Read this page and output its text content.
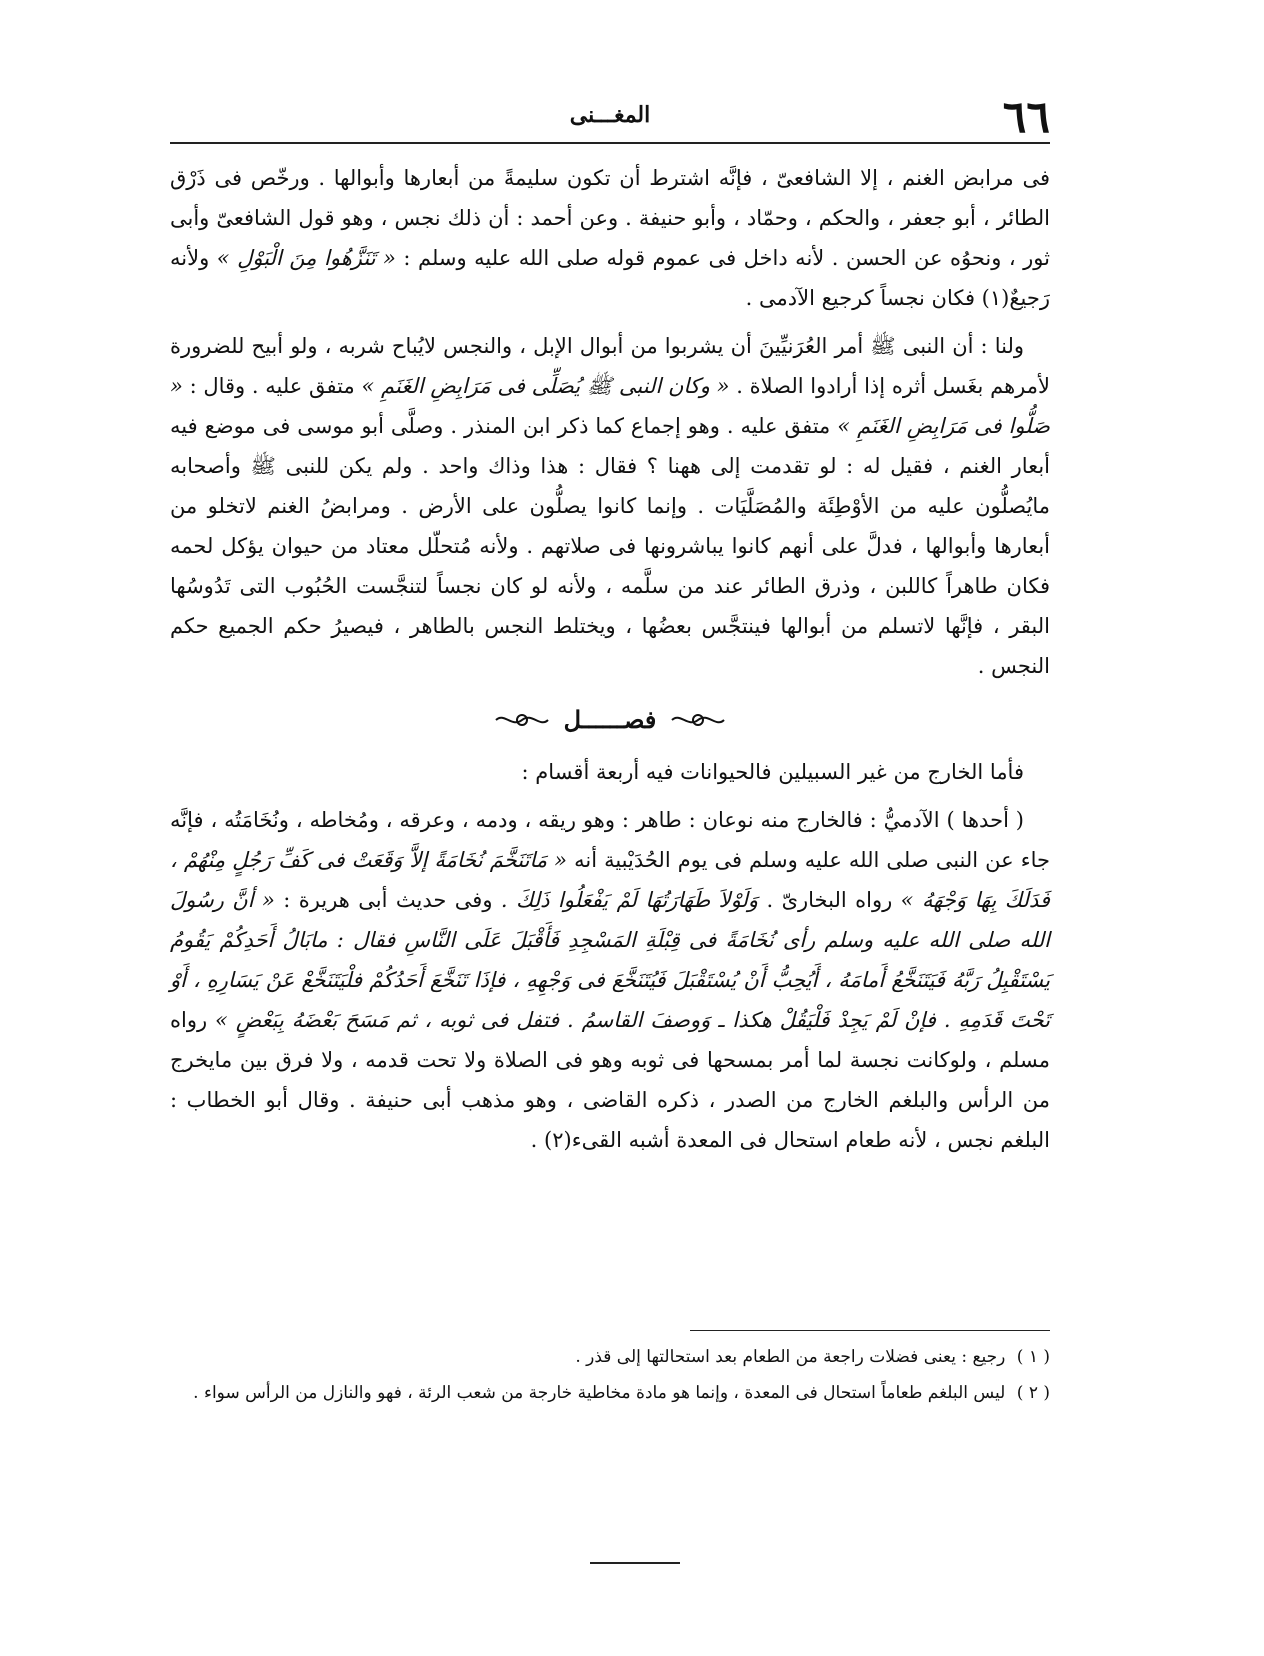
٦٦
المغـــنى

فى مرابض الغنم ، إلا الشافعىّ ، فإنَّه اشترط أن تكون سليمةً من أبعارها وأبوالها . ورخّص فى ذَرْق الطائر ، أبو جعفر ، والحكم ، وحمّاد ، وأبو حنيفة . وعن أحمد : أن ذلك نجس ، وهو قول الشافعىّ وأبى ثور ، ونحوُه عن الحسن . لأنه داخل فى عموم قوله صلى الله عليه وسلم : « تَنَزَّهُوا مِنَ الْبَوْلِ » ولأنه رَجيعٌ(١) فكان نجساً كرجيع الآدمى .

ولنا : أن النبى ﷺ أمر العُرَنيِّينَ أن يشربوا من أبوال الإبل ، والنجس لايُباح شربه ، ولو أبيح للضرورة لأمرهم بغَسل أثره إذا أرادوا الصلاة . « وكان النبى ﷺ يُصَلِّى فى مَرَابِضِ الغَنَمِ » متفق عليه . وقال : « صَلُّوا فى مَرَابِضِ الغَنَمِ » متفق عليه . وهو إجماع كما ذكر ابن المنذر . وصلَّى أبو موسى فى موضع فيه أبعار الغنم ، فقيل له : لو تقدمت إلى ههنا ؟ فقال : هذا وذاك واحد . ولم يكن للنبى ﷺ وأصحابه مايُصلُّون عليه من الأوْطِئَة والمُصَلَّيَات . وإنما كانوا يصلُّون على الأرض . ومرابضُ الغنم لاتخلو من أبعارها وأبوالها ، فدلَّ على أنهم كانوا يباشرونها فى صلاتهم . ولأنه مُتحلّل معتاد من حيوان يؤكل لحمه فكان طاهراً كاللبن ، وذرق الطائر عند من سلَّمه ، ولأنه لو كان نجساً لتنجَّست الحُبُوب التى تَدُوسُها البقر ، فإنَّها لاتسلم من أبوالها فينتجَّس بعضُها ، ويختلط النجس بالطاهر ، فيصيرُ حكم الجميع حكم النجس .

فصــــــل

فأما الخارج من غير السبيلين فالحيوانات فيه أربعة أقسام :

( أحدها ) الآدميُّ : فالخارج منه نوعان : طاهر : وهو ريقه ، ودمه ، وعرقه ، ومُخاطه ، ونُخَامَتُه ، فإنَّه جاء عن النبى صلى الله عليه وسلم فى يوم الحُدَيْبية أنه « مَاتَنَخَّمَ نُخَامَةً إلاَّ وَقَعَتْ فى كَفِّ رَجُلٍ مِنْهُمْ ، فَدَلَكَ بِهَا وَجْهَهُ » رواه البخارىّ . وَلَوْلاَ طَهَارَتُهَا لَمْ يَفْعَلُوا ذَلِكَ . وفى حديث أبى هريرة : « أنَّ رسُولَ الله صلى الله عليه وسلم رأى نُخَامَةً فى قِبْلَةِ المَسْجِدِ فَأَقْبَلَ عَلَى النَّاسِ فقال : مابَالُ أَحَدِكُمْ يَقُومُ يَسْتَقْبِلُ رَبَّهُ فَيَتَنَخَّعُ أَمامَهُ ، أَيُحِبُّ أَنْ يُسْتَقْبَلَ فَيُتَنَخَّعَ فى وَجْهِهِ ، فإذَا تَنَخَّعَ أَحَدُكُمْ فلْيَتَنَخَّعْ عَنْ يَسَارِهِ ، أَوْ تَحْتَ قَدَمِهِ . فإنْ لَمْ يَجِدْ فَلْيَقُلْ هكذا ـ وَوصفَ القاسمُ . فتفل فى ثوبه ، ثم مَسَحَ بَعْضَهُ بِبَعْضٍ » رواه مسلم ، ولوكانت نجسة لما أمر بمسحها فى ثوبه وهو فى الصلاة ولا تحت قدمه ، ولا فرق بين مايخرج من الرأس والبلغم الخارج من الصدر ، ذكره القاضى ، وهو مذهب أبى حنيفة . وقال أبو الخطاب : البلغم نجس ، لأنه طعام استحال فى المعدة أشبه القىء(٢) .

( ١ ) رجيع : يعنى فضلات راجعة من الطعام بعد استحالتها إلى قذر .

( ٢ ) ليس البلغم طعاماً استحال فى المعدة ، وإنما هو مادة مخاطية خارجة من شعب الرئة ، فهو والنازل من الرأس سواء .
